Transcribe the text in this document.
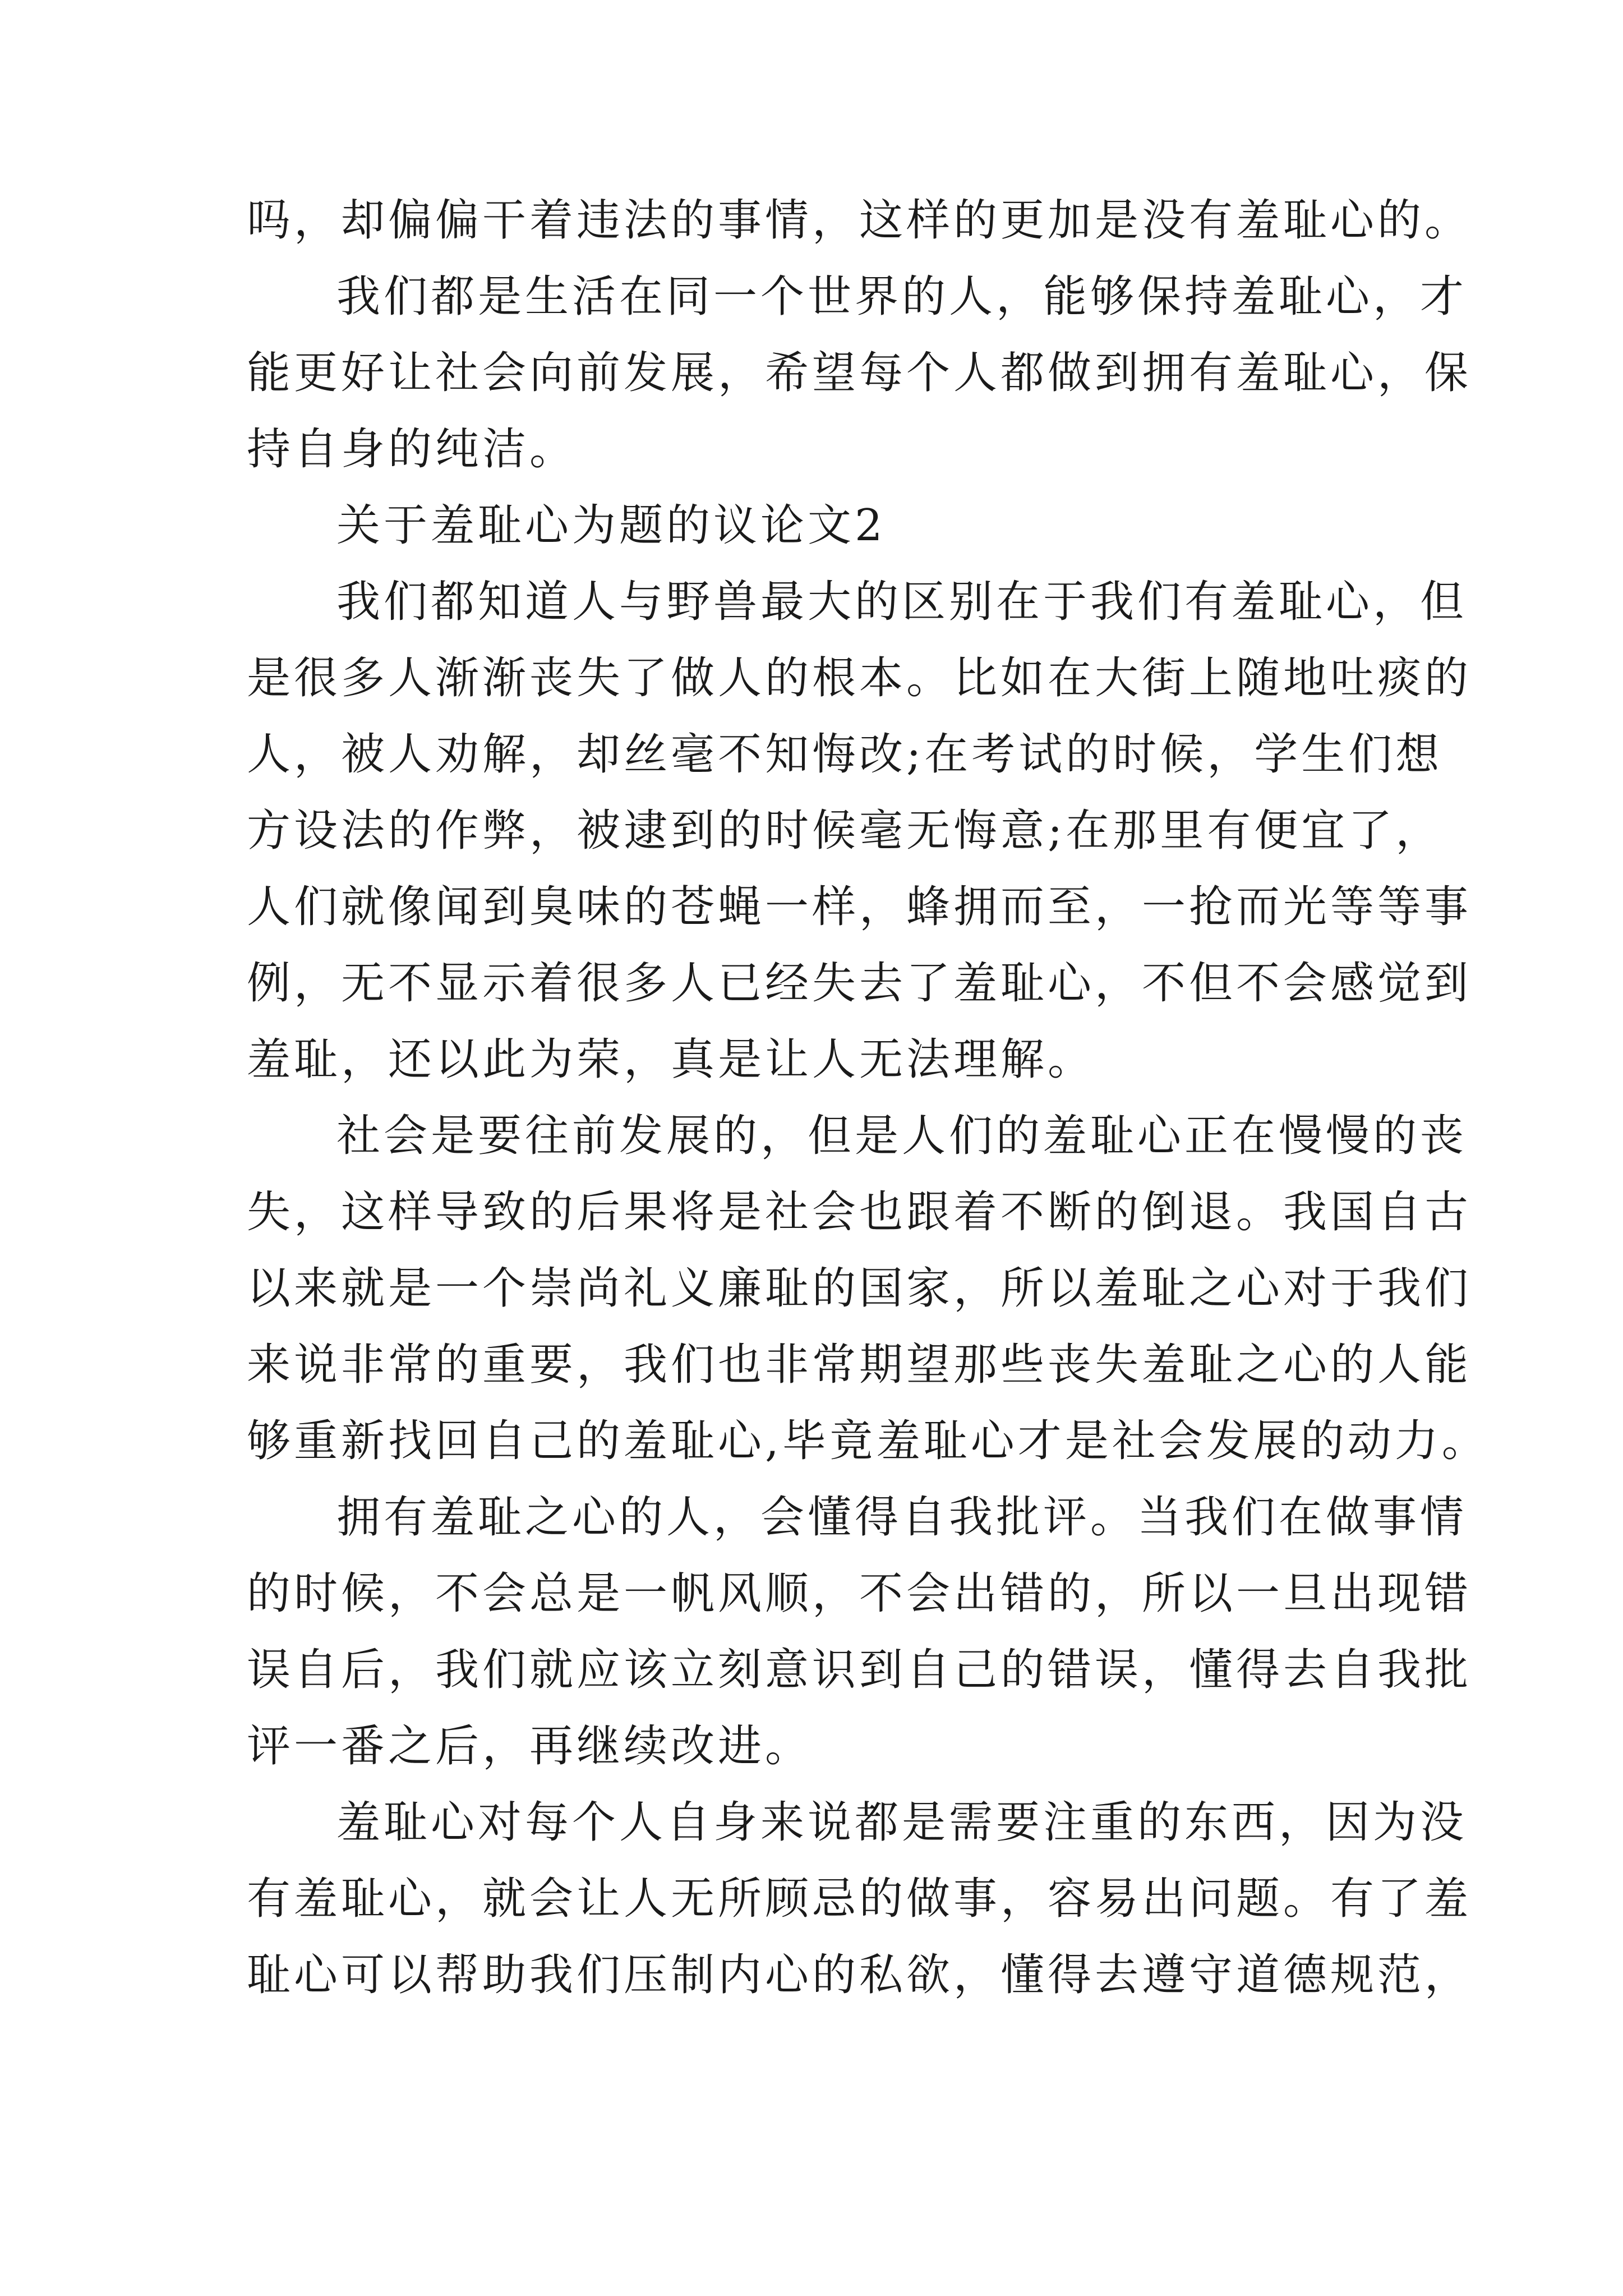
吗，却偏偏干着违法的事情，这样的更加是没有羞耻心的。
我们都是生活在同一个世界的人，能够保持羞耻心，才
能更好让社会向前发展，希望每个人都做到拥有羞耻心，保
持自身的纯洁。
关于羞耻心为题的议论文2
我们都知道人与野兽最大的区别在于我们有羞耻心，但
是很多人渐渐丧失了做人的根本。比如在大街上随地吐痰的
人，被人劝解，却丝毫不知悔改;在考试的时候，学生们想
方设法的作弊，被逮到的时候毫无悔意;在那里有便宜了，
人们就像闻到臭味的苍蝇一样，蜂拥而至，一抢而光等等事
例，无不显示着很多人已经失去了羞耻心，不但不会感觉到
羞耻，还以此为荣，真是让人无法理解。
社会是要往前发展的，但是人们的羞耻心正在慢慢的丧
失，这样导致的后果将是社会也跟着不断的倒退。我国自古
以来就是一个崇尚礼义廉耻的国家，所以羞耻之心对于我们
来说非常的重要，我们也非常期望那些丧失羞耻之心的人能
够重新找回自己的羞耻心,毕竟羞耻心才是社会发展的动力。
拥有羞耻之心的人，会懂得自我批评。当我们在做事情
的时候，不会总是一帆风顺，不会出错的，所以一旦出现错
误自后，我们就应该立刻意识到自己的错误，懂得去自我批
评一番之后，再继续改进。
羞耻心对每个人自身来说都是需要注重的东西，因为没
有羞耻心，就会让人无所顾忌的做事，容易出问题。有了羞
耻心可以帮助我们压制内心的私欲，懂得去遵守道德规范，
